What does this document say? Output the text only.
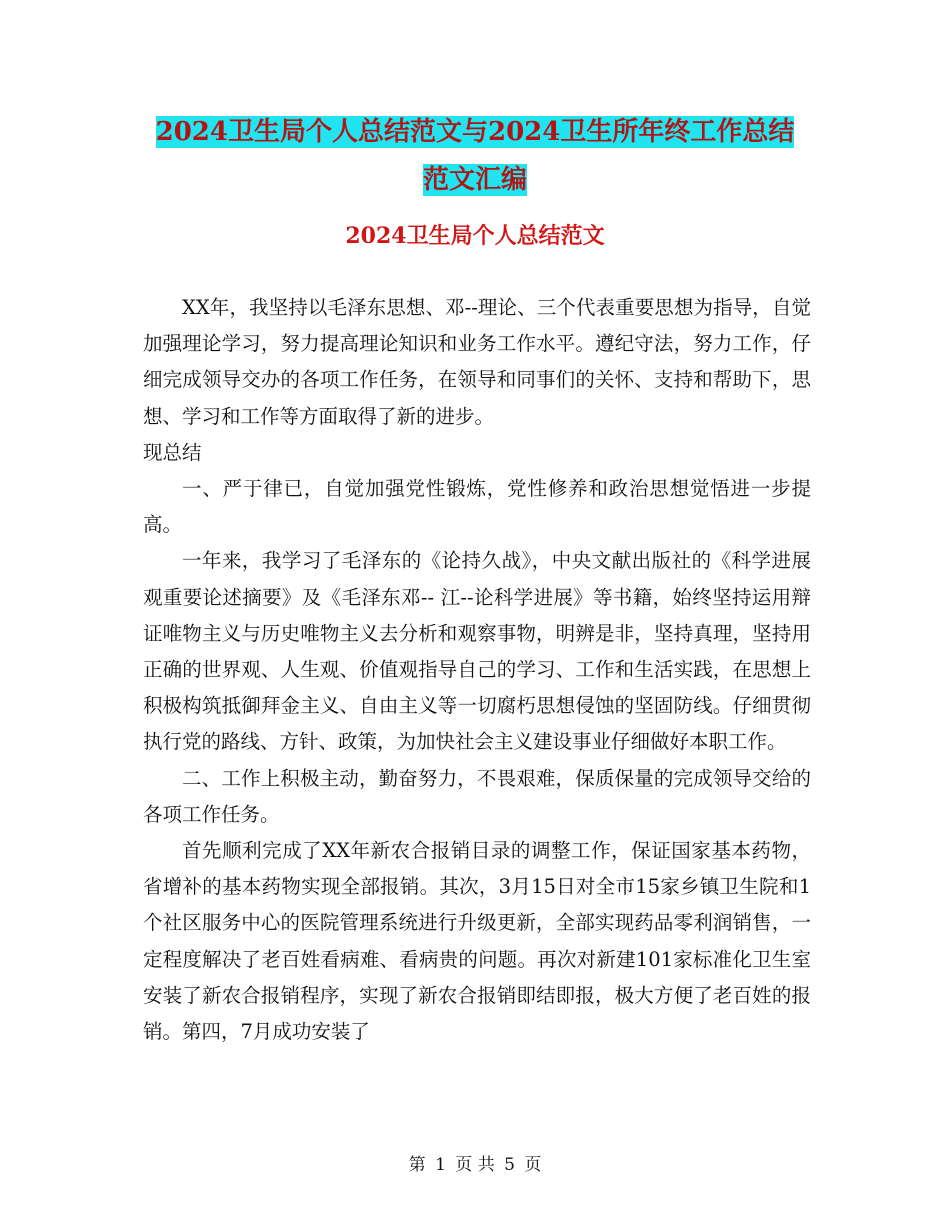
2024卫生局个人总结范文与2024卫生所年终工作总结
范文汇编
2024卫生局个人总结范文

XX年，我坚持以毛泽东思想、邓--理论、三个代表重要思想为指导，自觉加强理论学习，努力提高理论知识和业务工作水平。遵纪守法，努力工作，仔细完成领导交办的各项工作任务，在领导和同事们的关怀、支持和帮助下，思想、学习和工作等方面取得了新的进步。

现总结

一、严于律已，自觉加强党性锻炼，党性修养和政治思想觉悟进一步提高。

一年来，我学习了毛泽东的《论持久战》，中央文献出版社的《科学进展观重要论述摘要》及《毛泽东邓-- 江--论科学进展》等书籍，始终坚持运用辩证唯物主义与历史唯物主义去分析和观察事物，明辨是非，坚持真理，坚持用正确的世界观、人生观、价值观指导自己的学习、工作和生活实践，在思想上积极构筑抵御拜金主义、自由主义等一切腐朽思想侵蚀的坚固防线。仔细贯彻执行党的路线、方针、政策，为加快社会主义建设事业仔细做好本职工作。

二、工作上积极主动，勤奋努力，不畏艰难，保质保量的完成领导交给的各项工作任务。

首先顺利完成了XX年新农合报销目录的调整工作，保证国家基本药物，省增补的基本药物实现全部报销。其次，3月15日对全市15家乡镇卫生院和1个社区服务中心的医院管理系统进行升级更新，全部实现药品零利润销售，一定程度解决了老百姓看病难、看病贵的问题。再次对新建101家标准化卫生室安装了新农合报销程序，实现了新农合报销即结即报，极大方便了老百姓的报销。第四，7月成功安装了

第 1 页 共 5 页
